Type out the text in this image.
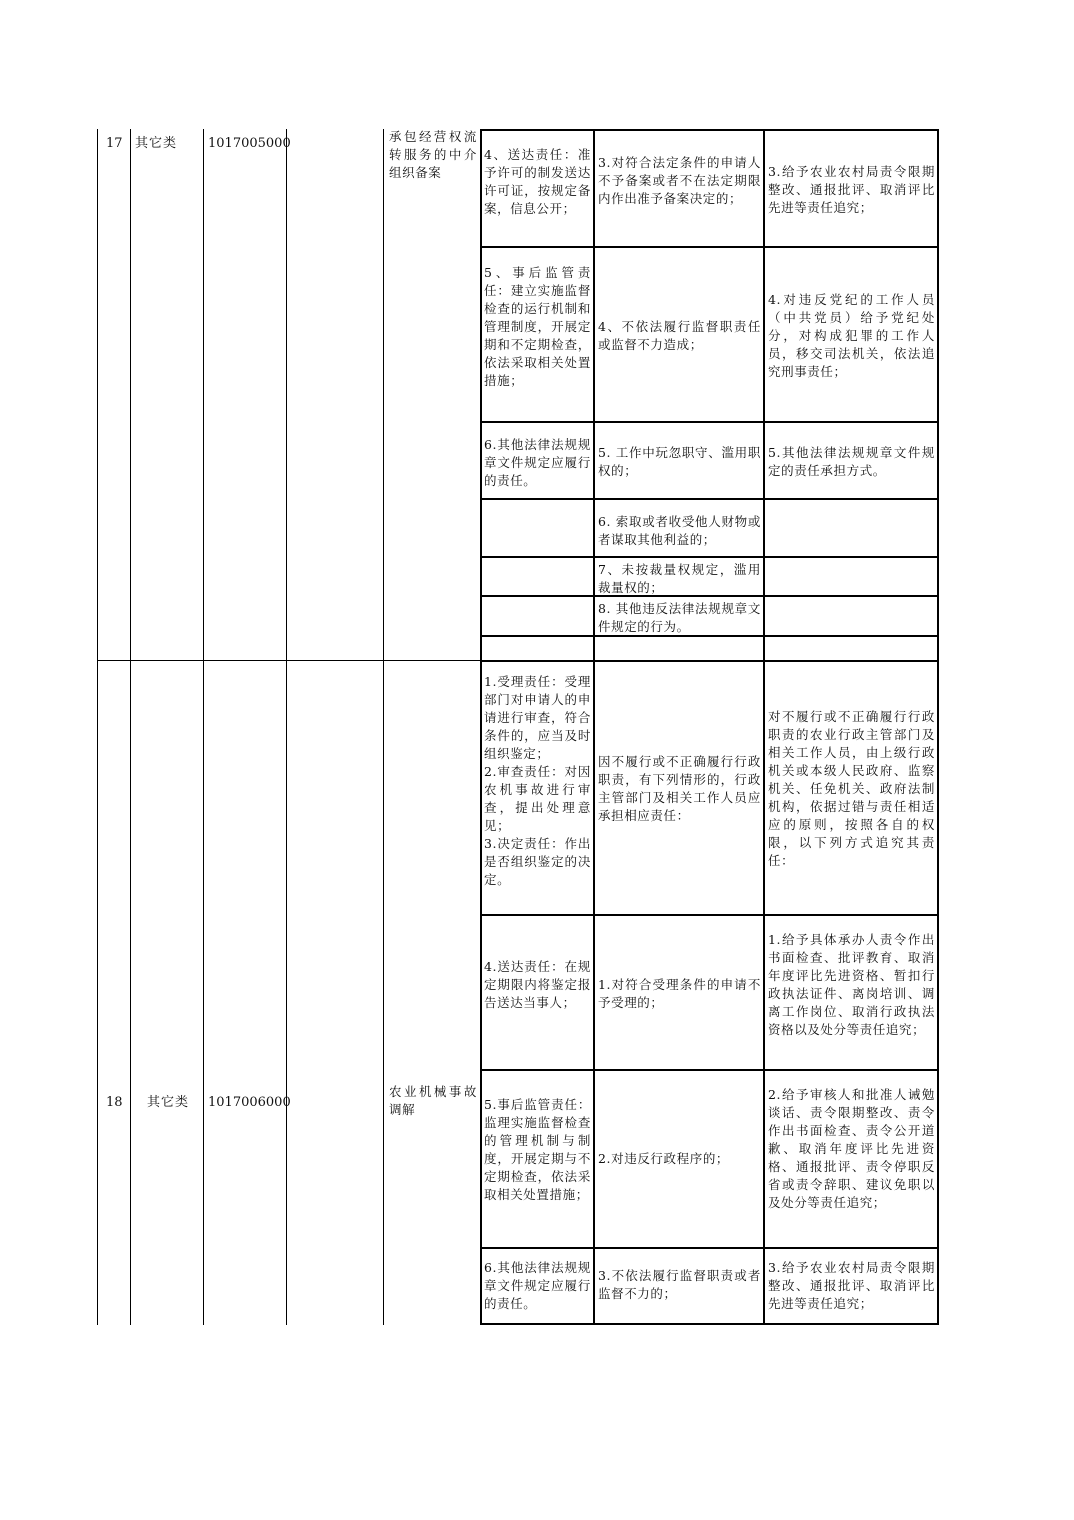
17 其它类 1017005000	承包经营权流转服务的中介组织备案
4、送达责任：准予许可的制发送达许可证，按规定备案，信息公开；
3.对符合法定条件的申请人不予备案或者不在法定期限内作出准予备案决定的；
3.给予农业农村局责令限期整改、通报批评、取消评比先进等责任追究；
5、事后监管责任：建立实施监督检查的运行机制和管理制度，开展定期和不定期检查，依法采取相关处置措施；
4、不依法履行监督职责任或监督不力造成；
4.对违反党纪的工作人员（中共党员）给予党纪处分，对构成犯罪的工作人员，移交司法机关，依法追究刑事责任；
6.其他法律法规规章文件规定应履行的责任。
5. 工作中玩忽职守、滥用职权的；
5.其他法律法规规章文件规定的责任承担方式。
6. 索取或者收受他人财物或者谋取其他利益的；
7、未按裁量权规定，滥用裁量权的；
8. 其他违反法律法规规章文件规定的行为。
18 其它类 1017006000
农业机械事故调解
1.受理责任：受理部门对申请人的申请进行审查，符合条件的，应当及时组织鉴定；
2.审查责任：对因农机事故进行审查，提出处理意见；
3.决定责任：作出是否组织鉴定的决定。
因不履行或不正确履行行政职责，有下列情形的，行政主管部门及相关工作人员应承担相应责任：
对不履行或不正确履行行政职责的农业行政主管部门及相关工作人员，由上级行政机关或本级人民政府、监察机关、任免机关、政府法制机构，依据过错与责任相适应的原则，按照各自的权限，以下列方式追究其责任：
4.送达责任：在规定期限内将鉴定报告送达当事人；
1.对符合受理条件的申请不予受理的；
1.给予具体承办人责令作出书面检查、批评教育、取消年度评比先进资格、暂扣行政执法证件、离岗培训、调离工作岗位、取消行政执法资格以及处分等责任追究；
5.事后监管责任：监理实施监督检查的管理机制与制度，开展定期与不定期检查，依法采取相关处置措施；
2.对违反行政程序的；
2.给予审核人和批准人诫勉谈话、责令限期整改、责令作出书面检查、责令公开道歉、取消年度评比先进资格、通报批评、责令停职反省或责令辞职、建议免职以及处分等责任追究；
6.其他法律法规规章文件规定应履行的责任。
3.不依法履行监督职责或者监督不力的；
3.给予农业农村局责令限期整改、通报批评、取消评比先进等责任追究；
